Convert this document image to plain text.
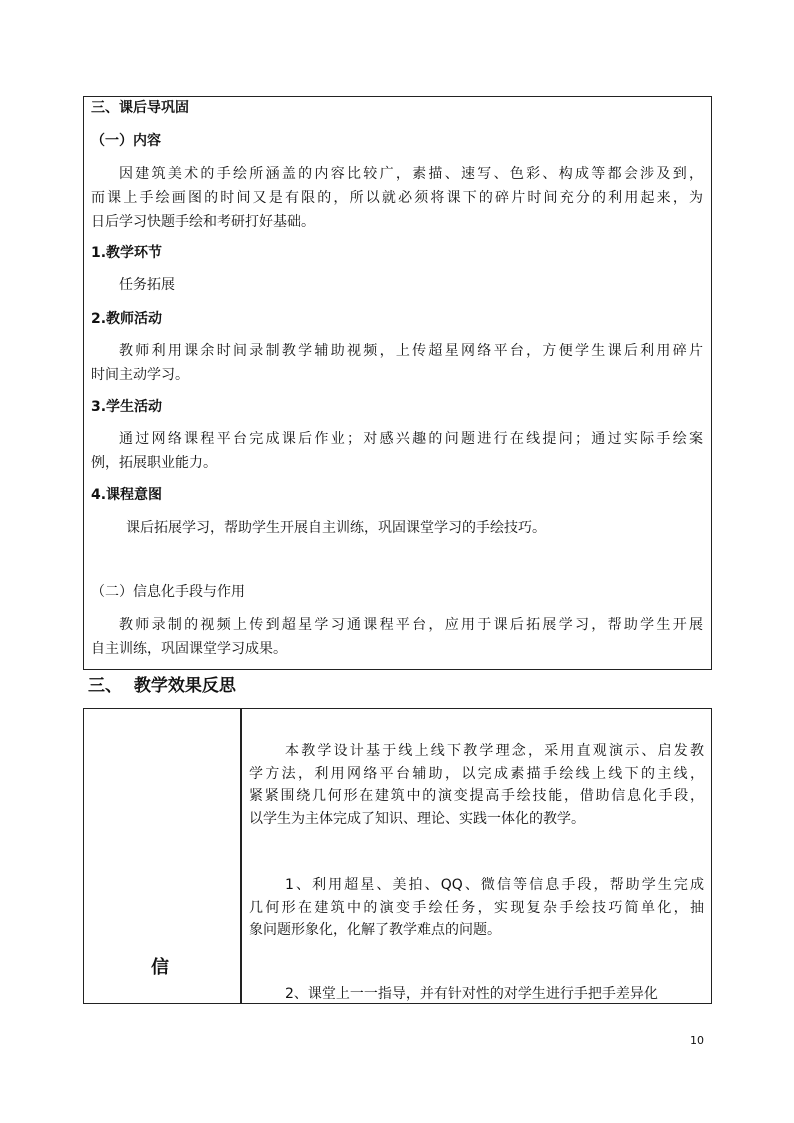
三、课后导巩固
（一）内容
因建筑美术的手绘所涵盖的内容比较广，素描、速写、色彩、构成等都会涉及到，
而课上手绘画图的时间又是有限的，所以就必须将课下的碎片时间充分的利用起来，为
日后学习快题手绘和考研打好基础。
1.教学环节
任务拓展
2.教师活动
教师利用课余时间录制教学辅助视频，上传超星网络平台，方便学生课后利用碎片
时间主动学习。
3.学生活动
通过网络课程平台完成课后作业；对感兴趣的问题进行在线提问；通过实际手绘案
例，拓展职业能力。
4.课程意图
课后拓展学习，帮助学生开展自主训练，巩固课堂学习的手绘技巧。
（二）信息化手段与作用
教师录制的视频上传到超星学习通课程平台，应用于课后拓展学习，帮助学生开展
自主训练，巩固课堂学习成果。
三、  教学效果反思
信
本教学设计基于线上线下教学理念，采用直观演示、启发教
学方法，利用网络平台辅助，以完成素描手绘线上线下的主线，
紧紧围绕几何形在建筑中的演变提高手绘技能，借助信息化手段，
以学生为主体完成了知识、理论、实践一体化的教学。
1、利用超星、美拍、QQ、微信等信息手段，帮助学生完成
几何形在建筑中的演变手绘任务，实现复杂手绘技巧简单化，抽
象问题形象化，化解了教学难点的问题。
2、课堂上一一指导，并有针对性的对学生进行手把手差异化
10
